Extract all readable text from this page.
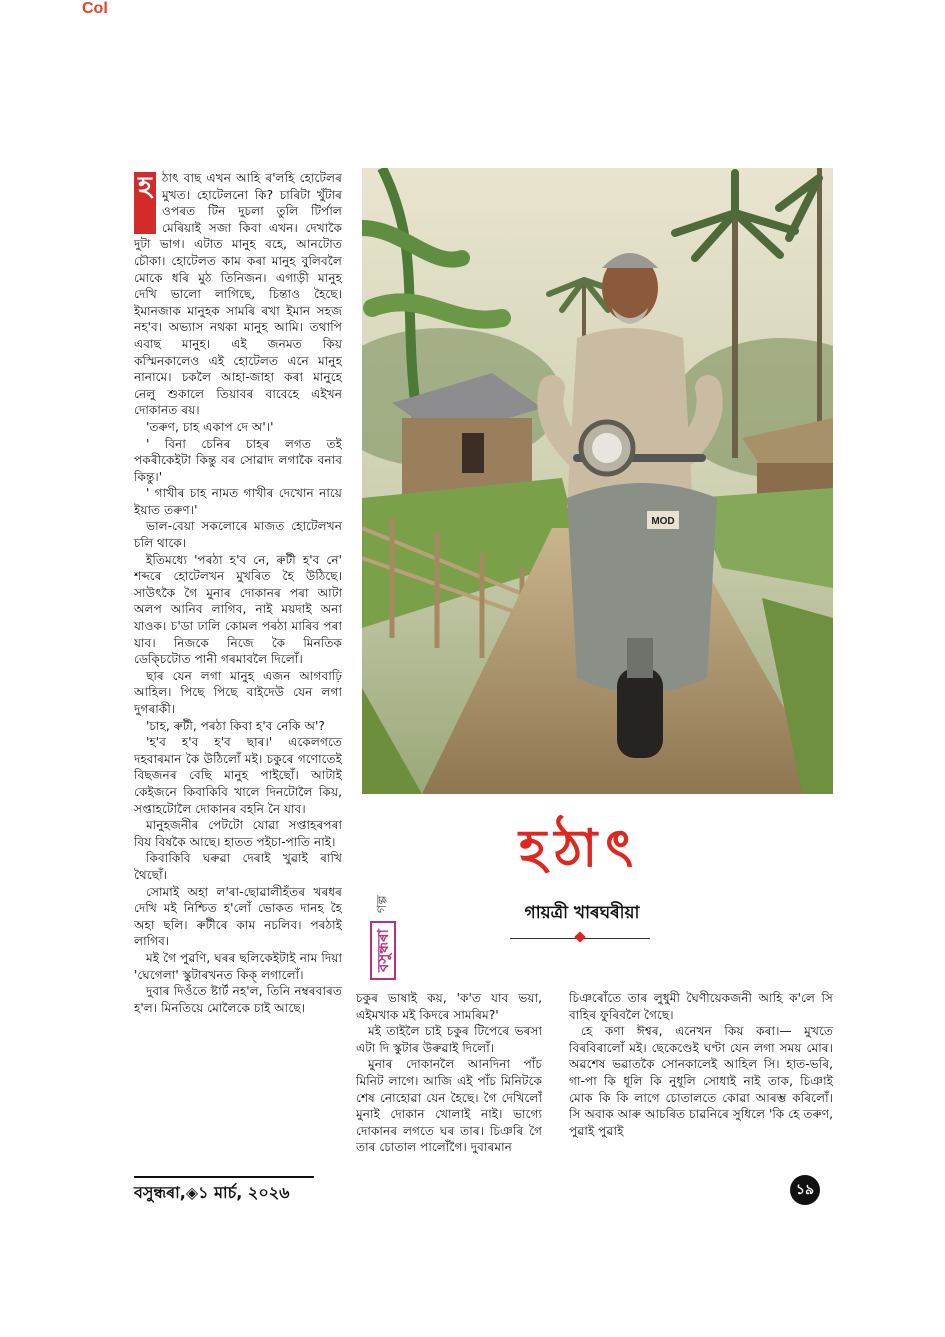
Col

হ ঠাৎ বাছ এখন আহি ৰ'লহি হোটেলৰ মুখত। হোটেলনো কি? চাৰিটা খুঁটাৰ ওপৰত টিন দুচলা তুলি টিৰ্পাল মেৰিয়াই সজা কিবা এখন। দেখাকৈ দুটা ভাগ। এটাত মানুহ বহে, আনটোত চৌকা। হোটেলত কাম কৰা মানুহ বুলিবলৈ মোকে ধৰি মুঠ তিনিজন। এগাড়ী মানুহ দেখি ভালো লাগিছে, চিন্তাও হৈছে। ইমানজাক মানুহক সামৰি ৰখা ইমান সহজ নহ'ব। অভ্যাস নথকা মানুহ আমি। তথাপি এবাছ মানুহ। এই জনমত কিয় কস্মিনকালেও এই হোটেলত এনে মানুহ নানামে। চকলৈ আহা-জাহা কৰা মানুহে নেলু শুকালে তিয়াবৰ বাবেহে এইখন দোকানত ৰয়।

'তৰুণ, চাহ একাপ দে অ'।'

' বিনা চেনিৰ চাহৰ লগত তই পকৰীকেইটা কিন্তু বৰ সোৱাদ লগাকৈ বনাব কিন্তু।'

' গাখীৰ চাহ নামত গাখীৰ দেখোন নায়ে ইয়াত তৰুণ।'

ভাল-বেয়া সকলোৰে মাজত হোটেলখন চলি থাকে।

ইতিমধ্যে 'পৰঠা হ'ব নে, ৰুটী হ'ব নে' শব্দৰে হোটেলখন মুখৰিত হৈ উঠিছে। সাউৎকৈ গৈ মুনাৰ দোকানৰ পৰা আটা অলপ আনিব লাগিব, নাই ময়দাই অনা যাওক। চ'ডা ঢালি কোমল পৰঠা মাৰিব পৰা যাব। নিজকে নিজে কৈ মিনতিক ডেক্চিটোত পানী গৰমাবলৈ দিলোঁ।

ছাৰ যেন লগা মানুহ এজন আগবাঢ়ি আহিল। পিছে পিছে বাইদেউ যেন লগা দুগৰাকী।

'চাহ, ৰুটী, পৰঠা কিবা হ'ব নেকি অ'?

'হ'ব হ'ব হ'ব ছাৰ।' একেলগতে দহবাৰমান কৈ উঠিলোঁ মই। চকুৰে গণোতেই বিছজনৰ বেছি মানুহ পাইছোঁ। আটাই কেইজনে কিবাকিবি খালে দিনটোলৈ কিয়, সপ্তাহটোলৈ দোকানৰ বহনি নৈ যাব।

মানুহজনীৰ পেটটো যোৱা সপ্তাহৰপৰা বিয বিষকৈ আছে। হাতত পইচা-পাতি নাই।

কিবাকিবি ঘৰুৱা দেৰাই খুৱাই ৰাখি থৈছোঁ।

সোমাই অহা ল'ৰা-ছোৱালীহঁতৰ খৰধৰ দেখি মই নিশ্চিত হ'লোঁ ভোকত দানহ হৈ অহা ছলি। ৰুটীৰে কাম নচলিব। পৰঠাই লাগিব।

মই গৈ পুৱণি, ঘৰৰ ছলিকেইটাই নাম দিয়া 'ঘেগেলা' স্কুটাৰখনত কিক্ লগালোঁ।

দুবাৰ দিওঁতে ষ্টাৰ্ট নহ'ল, তিনি নম্বৰবাৰত হ'ল। মিনতিয়ে মোলৈকে চাই আছে।

MOD
বসুন্ধৰা
গল্প
হঠাৎ
গায়ত্ৰী খাৰঘৰীয়া

চকুৰ ভাষাই কয়, 'ক'ত যাব ভয়া, এইমখাক মই কিদৰে সামৰিম?'

মই তাইলৈ চাই চকুৰ টিপেৰে ভৰসা এটা দি স্কুটাৰ উৰুৱাই দিলোঁ।

মুনাৰ দোকানলৈ আনদিনা পাঁচ মিনিট লাগে। আজি এই পাঁচ মিনিটকে শেষ নোহোৱা যেন হৈছে। গৈ দেখিলোঁ মুনাই দোকান খোলাই নাই। ভাগ্যে দোকানৰ লগতে ঘৰ তাৰ। চিঞৰি গৈ তাৰ চোতাল পালোঁগৈ। দুবাৰমান

চিঞৰোঁতে তাৰ লুধুমী ঘৈণীয়েকজনী আহি ক'লে সি বাহিৰ ফুৰিবলৈ গৈছে।

হে কণা ঈশ্বৰ, এনেখন কিয় কৰা।— মুখতে বিৰবিৰালোঁ মই। ছেকেণ্ডেই ঘণ্টা যেন লগা সময় মোৰ। অৱশেষ ভৱাতকৈ সোনকালেই আহিল সি। হাত-ভৰি, গা-পা কি ধূলি কি নুধূলি সোধাই নাই তাক, চিঞাই মোক কি কি লাগে চোতালতে কোৱা আৰম্ভ কৰিলোঁ। সি অবাক আৰু আচৰিত চাৱনিৰে সুধিলে 'কি হে তৰুণ, পুৱাই পুৱাই

বসুন্ধৰা,◈১ মাৰ্চ, ২০২৬	১৯
